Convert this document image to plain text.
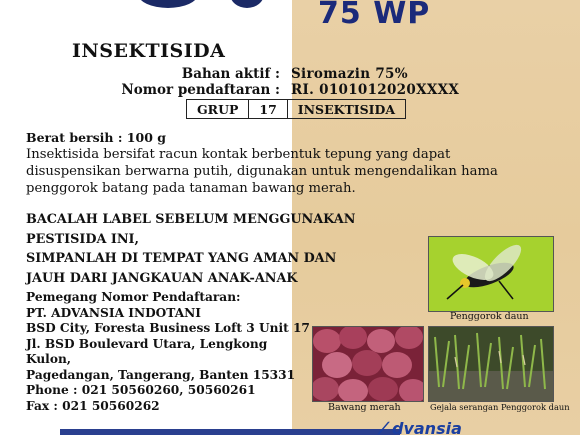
75 WP
INSEKTISIDA
Bahan aktif : Siromazin 75%
Nomor pendaftaran : RI. 0101012020XXXX
GRUP	17	INSEKTISIDA
Berat bersih : 100 g
Insektisida bersifat racun kontak berbentuk tepung yang dapat disuspensikan berwarna putih, digunakan untuk mengendalikan hama penggorok batang pada tanaman bawang merah.
BACALAH LABEL SEBELUM MENGGUNAKAN PESTISIDA INI,
SIMPANLAH DI TEMPAT YANG AMAN DAN
JAUH DARI JANGKAUAN ANAK-ANAK
Pemegang Nomor Pendaftaran:
PT. ADVANSIA INDOTANI
BSD City, Foresta Business Loft 3 Unit 17
Jl. BSD Boulevard Utara, Lengkong Kulon,
Pagedangan, Tangerang, Banten 15331
Phone : 021 50560260, 50560261
Fax : 021 50560262
Penggorok daun
Bawang merah	Gejala serangan Penggorok daun
⟋ dvansia
